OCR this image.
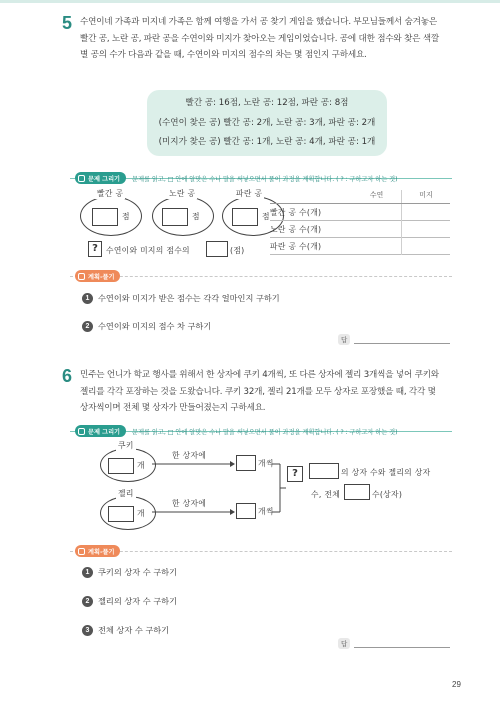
5 수연이네 가족과 미지네 가족은 함께 여행을 가서 공 찾기 게임을 했습니다. 부모님들께서 숨겨놓은
빨간 공, 노란 공, 파란 공을 수연이와 미지가 찾아오는 게임이었습니다. 공에 대한 점수와 찾은 색깔
별 공의 수가 다음과 같을 때, 수연이와 미지의 점수의 차는 몇 점인지 구하세요.
빨간 공: 16점, 노란 공: 12점, 파란 공: 8점
(수연이 찾은 공) 빨간 공: 2개, 노란 공: 3개, 파란 공: 2개
(미지가 찾은 공) 빨간 공: 1개, 노란 공: 4개, 파란 공: 1개
문제 그리기 문제를 읽고, □ 안에 알맞은 수나 말을 써넣으면서 풀이 과정을 계획합니다. ( ? : 구하고자 하는 것)
빨간 공
점
노란 공
점
파란 공
점
?	수연이와 미지의 점수의	(점)
수연	미지
빨간 공 수(개)
노란 공 수(개)
파란 공 수(개)
계획-풀기
1	수연이와 미지가 받은 점수는 각각 얼마인지 구하기
2	수연이와 미지의 점수 차 구하기
답
6 민주는 언니가 학교 행사를 위해서 한 상자에 쿠키 4개씩, 또 다른 상자에 젤리 3개씩을 넣어 쿠키와
젤리를 각각 포장하는 것을 도왔습니다. 쿠키 32개, 젤리 21개를 모두 상자로 포장했을 때, 각각 몇
상자씩이며 전체 몇 상자가 만들어졌는지 구하세요.
문제 그리기 문제를 읽고, □ 안에 알맞은 수나 말을 써넣으면서 풀이 과정을 계획합니다. ( ? : 구하고자 하는 것)
쿠키
개
한 상자에
개씩
젤리
개
한 상자에
개씩
?	의 상자 수와 젤리의 상자
수, 전체	수(상자)
계획-풀기
1	쿠키의 상자 수 구하기
2	젤리의 상자 수 구하기
3	전체 상자 수 구하기
답
29
